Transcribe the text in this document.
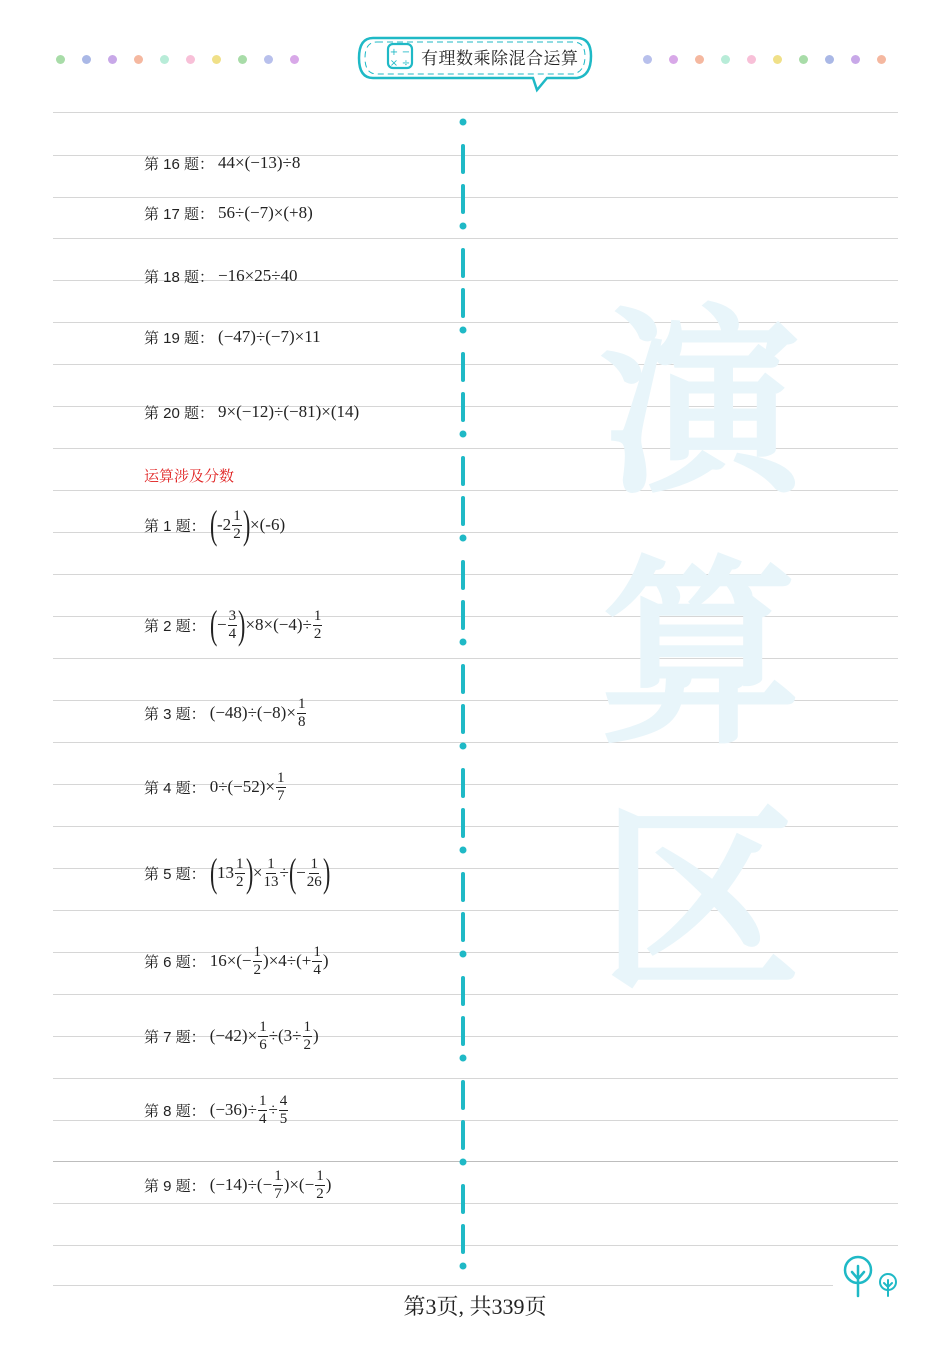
+ −
× ÷ 有理数乘除混合运算
演
算
区
第 16 题： 44×(−13)÷8
第 17 题： 56÷(−7)×(+8)
第 18 题： −16×25÷40
第 19 题： (−47)÷(−7)×11
第 20 题： 9×(−12)÷(−81)×(14)
运算涉及分数
第 1 题： ( $-2 \frac{1}{2}$ ) × ( -6 )
第 2 题： ( − $\frac{3}{4}$ ) $\times 8\times(-4)\div \frac{1}{2}$
第 3 题： $(-48)\div(-8)\times \frac{1}{8}$
第 4 题： $0\div(-52)\times \frac{1}{7}$
第 5 题： ( $13 \frac{1}{2}$ ) × $\frac{1}{13}$ ÷ ( − $\frac{1}{26}$ )
第 6 题： $16\times(- \frac{1}{2} )\times 4\div(+ \frac{1}{4}$ )
第 7 题： $(-42)\times \frac{1}{6} \div(3\div \frac{1}{2}$ )
第 8 题： $(-36)\div \frac{1}{4} \div \frac{4}{5}$
第 9 题： $(-14)\div(- \frac{1}{7}$ )×(− $\frac{1}{2}$ )
第3页, 共339页
